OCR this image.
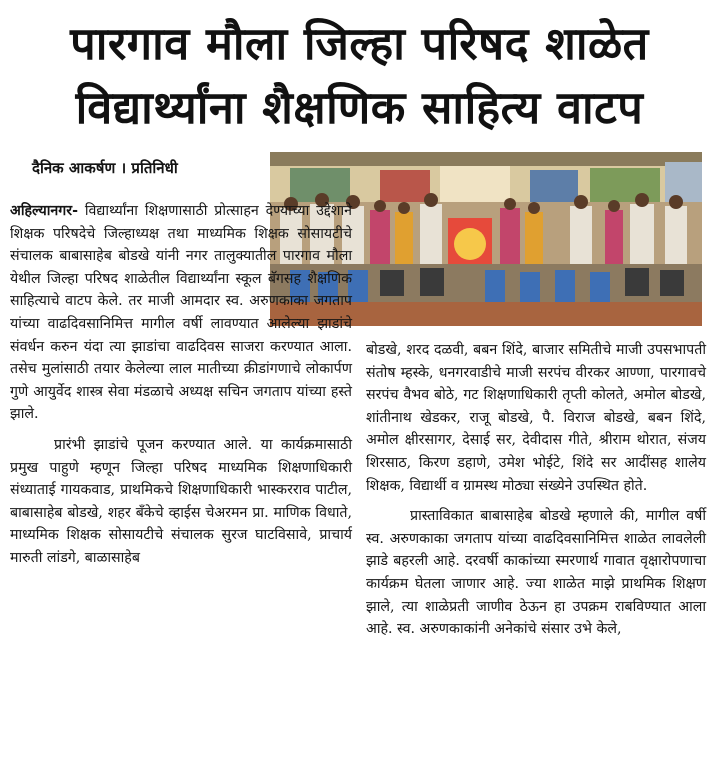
पारगाव मौला जिल्हा परिषद शाळेत
विद्यार्थ्यांना शैक्षणिक साहित्य वाटप
दैनिक आकर्षण । प्रतिनिधी

अहिल्यानगर- विद्यार्थ्यांना शिक्षणासाठी प्रोत्साहन देण्याच्या उद्देशाने शिक्षक परिषदेचे जिल्हाध्यक्ष तथा माध्यमिक शिक्षक सोसायटीचे संचालक बाबासाहेब बोडखे यांनी नगर तालुक्यातील पारगाव मौला येथील जिल्हा परिषद शाळेतील विद्यार्थ्यांना स्कूल बॅगसह शैक्षणिक साहित्याचे वाटप केले. तर माजी आमदार स्व. अरुणकाका जगताप यांच्या वाढदिवसानिमित्त मागील वर्षी लावण्यात आलेल्या झाडांचे संवर्धन करुन यंदा त्या झाडांचा वाढदिवस साजरा करण्यात आला. तसेच मुलांसाठी तयार केलेल्या लाल मातीच्या क्रीडांगणाचे लोकार्पण गुणे आयुर्वेद शास्त्र सेवा मंडळाचे अध्यक्ष सचिन जगताप यांच्या हस्ते झाले.

प्रारंभी झाडांचे पूजन करण्यात आले. या कार्यक्रमासाठी प्रमुख पाहुणे म्हणून जिल्हा परिषद माध्यमिक शिक्षणाधिकारी संध्याताई गायकवाड, प्राथमिकचे शिक्षणाधिकारी भास्करराव पाटील, बाबासाहेब बोडखे, शहर बँकेचे व्हाईस चेअरमन प्रा. माणिक विधाते, माध्यमिक शिक्षक सोसायटीचे संचालक सुरज घाटविसावे, प्राचार्य मारुती लांडगे, बाळासाहेब

बोडखे, शरद दळवी, बबन शिंदे, बाजार समितीचे माजी उपसभापती संतोष म्हस्के, धनगरवाडीचे माजी सरपंच वीरकर आण्णा, पारगावचे सरपंच वैभव बोठे, गट शिक्षणाधिकारी तृप्ती कोलते, अमोल बोडखे, शांतीनाथ खेडकर, राजू बोडखे, पै. विराज बोडखे, बबन शिंदे, अमोल क्षीरसागर, देसाई सर, देवीदास गीते, श्रीराम थोरात, संजय शिरसाठ, किरण डहाणे, उमेश भोईटे, शिंदे सर आदींसह शालेय शिक्षक, विद्यार्थी व ग्रामस्थ मोठ्या संख्येने उपस्थित होते.

प्रास्ताविकात बाबासाहेब बोडखे म्हणाले की, मागील वर्षी स्व. अरुणकाका जगताप यांच्या वाढदिवसानिमित्त शाळेत लावलेली झाडे बहरली आहे. दरवर्षी काकांच्या स्मरणार्थ गावात वृक्षारोपणाचा कार्यक्रम घेतला जाणार आहे. ज्या शाळेत माझे प्राथमिक शिक्षण झाले, त्या शाळेप्रती जाणीव ठेऊन हा उपक्रम राबविण्यात आला आहे. स्व. अरुणकाकांनी अनेकांचे संसार उभे केले,
